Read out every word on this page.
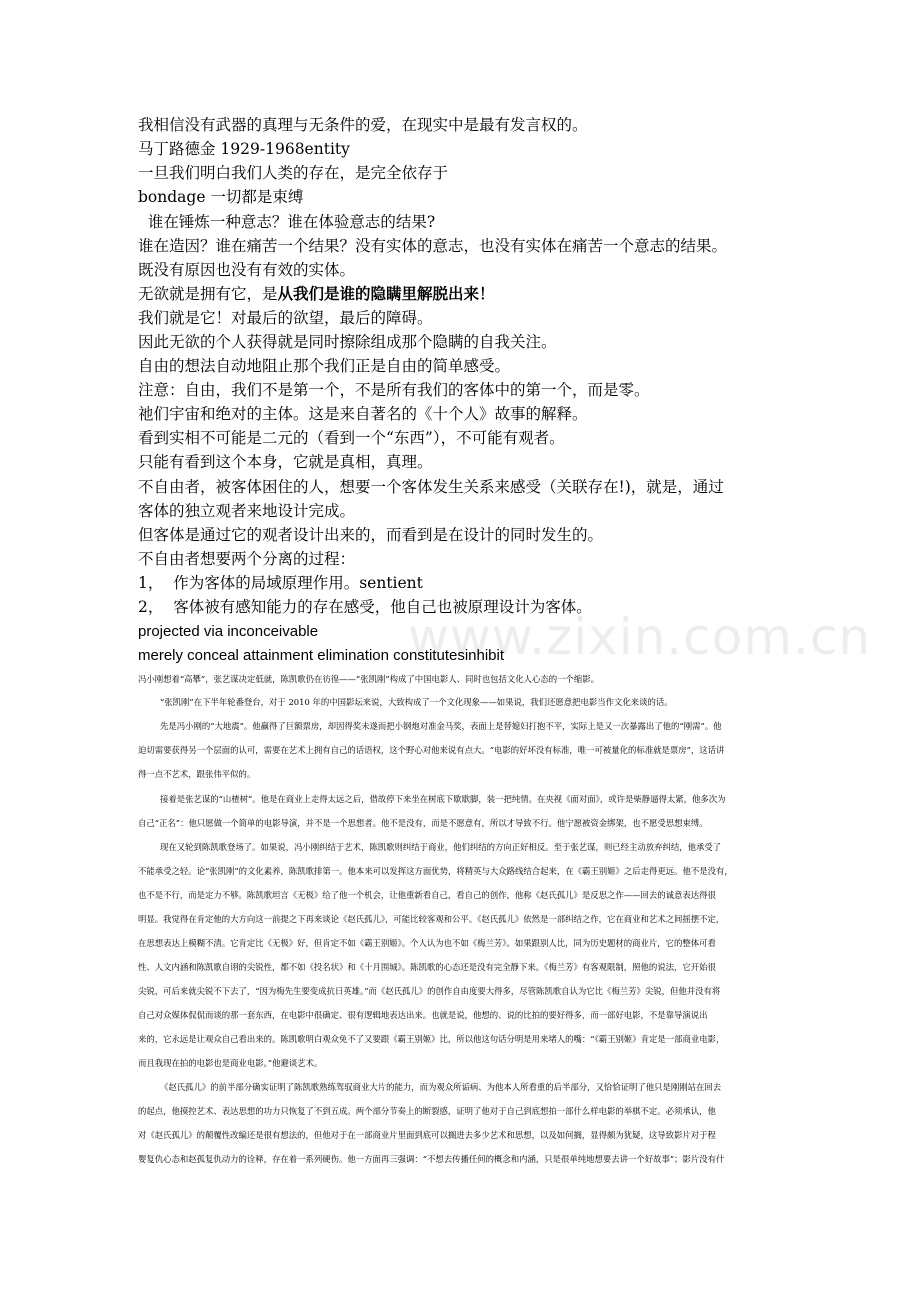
www.zixin.com.cn
我相信没有武器的真理与无条件的爱，在现实中是最有发言权的。
马丁路德金 1929-1968entity
一旦我们明白我们人类的存在，是完全依存于
bondage 一切都是束缚
谁在锤炼一种意志？谁在体验意志的结果?
谁在造因？谁在痛苦一个结果？没有实体的意志，也没有实体在痛苦一个意志的结果。
既没有原因也没有有效的实体。
无欲就是拥有它，是从我们是谁的隐瞒里解脱出来！
我们就是它！对最后的欲望，最后的障碍。
因此无欲的个人获得就是同时擦除组成那个隐瞒的自我关注。
自由的想法自动地阻止那个我们正是自由的简单感受。
注意：自由，我们不是第一个，不是所有我们的客体中的第一个，而是零。
祂们宇宙和绝对的主体。这是来自著名的《十个人》故事的解释。
看到实相不可能是二元的（看到一个“东西”），不可能有观者。
只能有看到这个本身，它就是真相，真理。
不自由者，被客体困住的人，想要一个客体发生关系来感受（关联存在!)，就是，通过
客体的独立观者来地设计完成。
但客体是通过它的观者设计出来的，而看到是在设计的同时发生的。
不自由者想要两个分离的过程：
1，  作为客体的局域原理作用。sentient
2，  客体被有感知能力的存在感受，他自己也被原理设计为客体。
projected via inconceivable
merely conceal attainment elimination constitutesinhibit
冯小刚想着“高攀”，张艺谋决定低就，陈凯歌仍在彷徨——“张凯刚”构成了中国电影人、同时也包括文化人心态的一个缩影。
“张凯刚”在下半年轮番登台，对于 2010 年的中国影坛来说，大致构成了一个文化现象——如果说，我们还愿意把电影当作文化来谈的话。
先是冯小刚的“大地震”。他赢得了巨额票房，却因得奖未遂而把小钢炮对准金马奖，表面上是替媳妇打抱不平，实际上是又一次暴露出了他的“刚需”。他
迫切需要获得另一个层面的认可，需要在艺术上拥有自己的话语权，这个野心对他来说有点大。“电影的好坏没有标准，唯一可被量化的标准就是票房”，这话讲
得一点不艺术，跟张伟平似的。
接着是张艺谋的“山楂树”。他是在商业上走得太远之后，借故停下来坐在树底下歇歇脚，装一把纯情。在央视《面对面》，或许是柴静逼得太紧，他多次为
自己“正名”：他只愿做一个简单的电影导演，并不是一个思想者。他不是没有，而是不愿意有，所以才导致不行。他宁愿被资金绑架，也不愿受思想束缚。
现在又轮到陈凯歌登场了。如果说，冯小刚纠结于艺术，陈凯歌则纠结于商业，他们纠结的方向正好相反。至于张艺谋，则已经主动放弃纠结，他承受了
不能承受之轻。论“张凯刚”的文化素养，陈凯歌排第一。他本来可以发挥这方面优势，将精英与大众路线结合起来，在《霸王别姬》之后走得更远。他不是没有，
也不是不行，而是定力不够。陈凯歌坦言《无极》给了他一个机会，让他重新看自己，看自己的创作，他称《赵氏孤儿》是反思之作——回去的诚意表达得很
明显。我觉得在肯定他的大方向这一前提之下再来谈论《赵氏孤儿》，可能比较客观和公平。《赵氏孤儿》依然是一部纠结之作，它在商业和艺术之间摇摆不定，
在思想表达上模糊不清。它肯定比《无极》好，但肯定不如《霸王别姬》。个人认为也不如《梅兰芳》。如果跟别人比，同为历史题材的商业片，它的整体可看
性、人文内涵和陈凯歌自诩的尖锐性，都不如《投名状》和《十月围城》。陈凯歌的心态还是没有完全静下来。《梅兰芳》有客观限制，照他的说法，它开始很
尖锐，可后来就尖锐不下去了，“因为梅先生要变成抗日英雄。”而《赵氏孤儿》的创作自由度要大得多，尽管陈凯歌自认为它比《梅兰芳》尖锐，但他并没有将
自己对众媒体侃侃而谈的那一套东西，在电影中很确定、很有逻辑地表达出来。也就是说，他想的、说的比拍的要好得多，而一部好电影，不是靠导演说出
来的，它永远是让观众自己看出来的。陈凯歌明白观众免不了又要跟《霸王别姬》比，所以他这句话分明是用来堵人的嘴：“《霸王别姬》肯定是一部商业电影，
而且我现在拍的电影也是商业电影。”他避谈艺术。
《赵氏孤儿》的前半部分确实证明了陈凯歌熟练驾驭商业大片的能力，而为观众所诟病、为他本人所看重的后半部分，又恰恰证明了他只是刚刚站在回去
的起点，他摸控艺术、表达思想的功力只恢复了不到五成。两个部分节奏上的断裂感，证明了他对于自己到底想拍一部什么样电影的举棋不定。必须承认，他
对《赵氏孤儿》的颠覆性改编还是很有想法的，但他对于在一部商业片里面到底可以搁进去多少艺术和思想，以及如何搁，显得颇为犹疑，这导致影片对于程
婴复仇心态和赵孤复仇动力的诠释，存在着一系列硬伤。他一方面再三强调：“不想去传播任何的概念和内涵，只是很单纯地想要去讲一个好故事”；影片没有什
